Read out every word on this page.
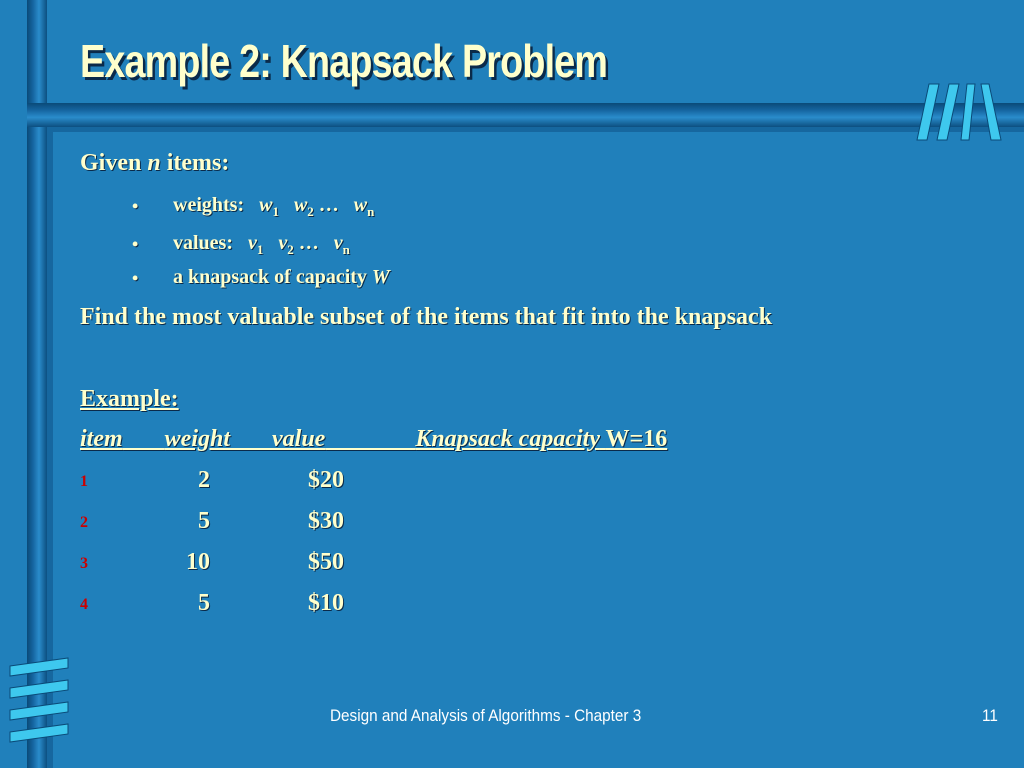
Example 2: Knapsack Problem
Given n items:
• weights: $w_1$ $w_2$ … $w_n$
• values: $v_1$ $v_2$ … $v_n$
• a knapsack of capacity W
Find the most valuable subset of the items that fit into the knapsack
Example:
item weight value	Knapsack capacity W=16
1	2	$20
2	5	$30
3	10	$50
4	5	$10
Design and Analysis of Algorithms - Chapter 3	11
